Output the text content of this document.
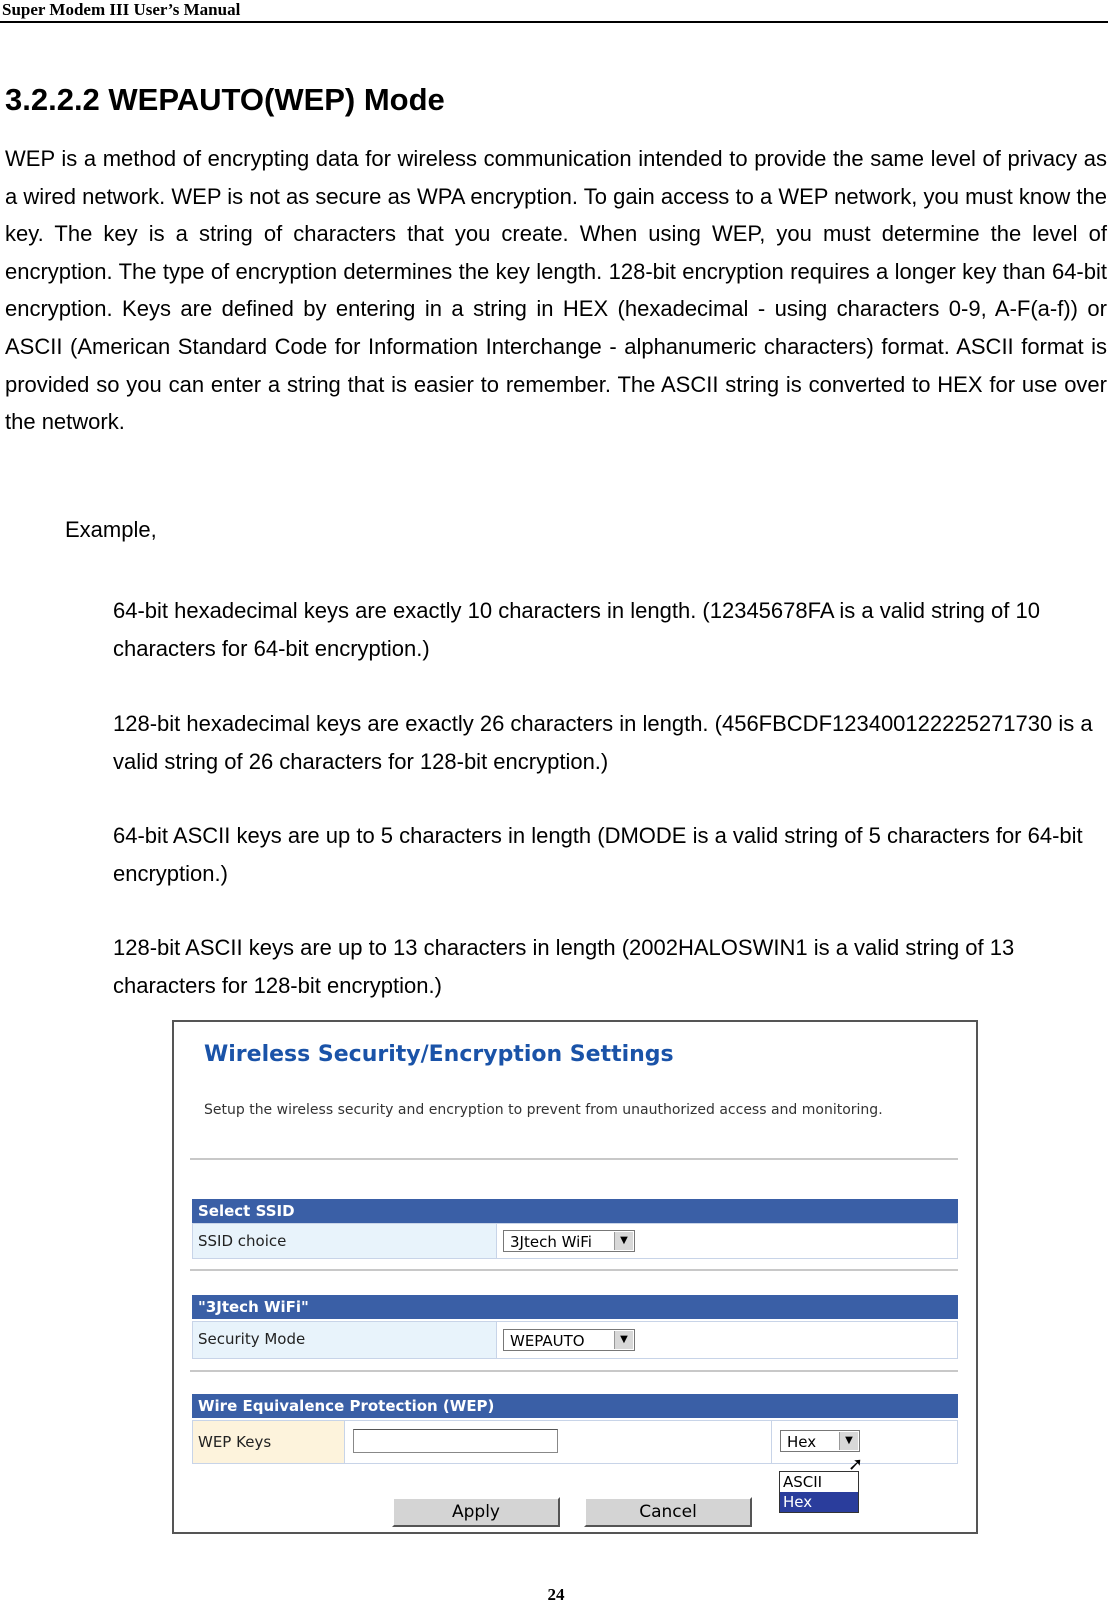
Super Modem III User’s Manual
3.2.2.2 WEPAUTO(WEP) Mode

WEP is a method of encrypting data for wireless communication intended to provide the same level of privacy as a wired network. WEP is not as secure as WPA encryption. To gain access to a WEP network, you must know the key. The key is a string of characters that you create. When using WEP, you must determine the level of encryption. The type of encryption determines the key length. 128-bit encryption requires a longer key than 64-bit encryption. Keys are defined by entering in a string in HEX (hexadecimal - using characters 0-9, A-F(a-f)) or ASCII (American Standard Code for Information Interchange - alphanumeric characters) format. ASCII format is provided so you can enter a string that is easier to remember. The ASCII string is converted to HEX for use over the network.

Example,

64-bit hexadecimal keys are exactly 10 characters in length. (12345678FA is a valid string of 10 characters for 64-bit encryption.)

128-bit hexadecimal keys are exactly 26 characters in length. (456FBCDF123400122225271730 is a valid string of 26 characters for 128-bit encryption.)

64-bit ASCII keys are up to 5 characters in length (DMODE is a valid string of 5 characters for 64-bit encryption.)

128-bit ASCII keys are up to 13 characters in length (2002HALOSWIN1 is a valid string of 13 characters for 128-bit encryption.)

Wireless Security/Encryption Settings
Setup the wireless security and encryption to prevent from unauthorized access and monitoring.
Select SSID
SSID choice	3Jtech WiFi	▼
"3Jtech WiFi"
Security Mode	WEPAUTO	▼
Wire Equivalence Protection (WEP)
WEP Keys	Hex	▼
ASCII
Hex
➚
Apply	Cancel
24
